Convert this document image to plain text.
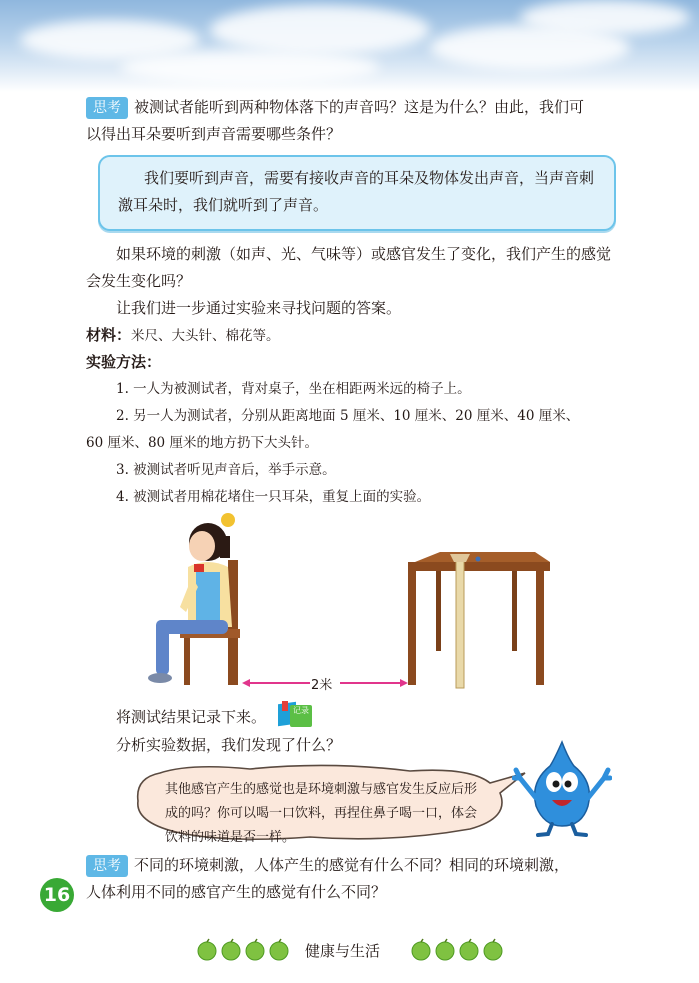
思考 被测试者能听到两种物体落下的声音吗？这是为什么？由此，我们可
以得出耳朵要听到声音需要哪些条件？
我们要听到声音，需要有接收声音的耳朵及物体发出声音，当声音刺激耳朵时，我们就听到了声音。
如果环境的刺激（如声、光、气味等）或感官发生了变化，我们产生的感觉会发生变化吗？
让我们进一步通过实验来寻找问题的答案。
材料：米尺、大头针、棉花等。
实验方法：
1. 一人为被测试者，背对桌子，坐在相距两米远的椅子上。
2. 另一人为测试者，分别从距离地面 5 厘米、10 厘米、20 厘米、40 厘米、
60 厘米、80 厘米的地方扔下大头针。
3. 被测试者听见声音后，举手示意。
4. 被测试者用棉花堵住一只耳朵，重复上面的实验。
2米
将测试结果记录下来。	记录
分析实验数据，我们发现了什么？
其他感官产生的感觉也是环境刺激与感官发生反应后形成的吗？你可以喝一口饮料，再捏住鼻子喝一口，体会饮料的味道是否一样。
思考 不同的环境刺激，人体产生的感觉有什么不同？相同的环境刺激，
人体利用不同的感官产生的感觉有什么不同？
16
健康与生活
